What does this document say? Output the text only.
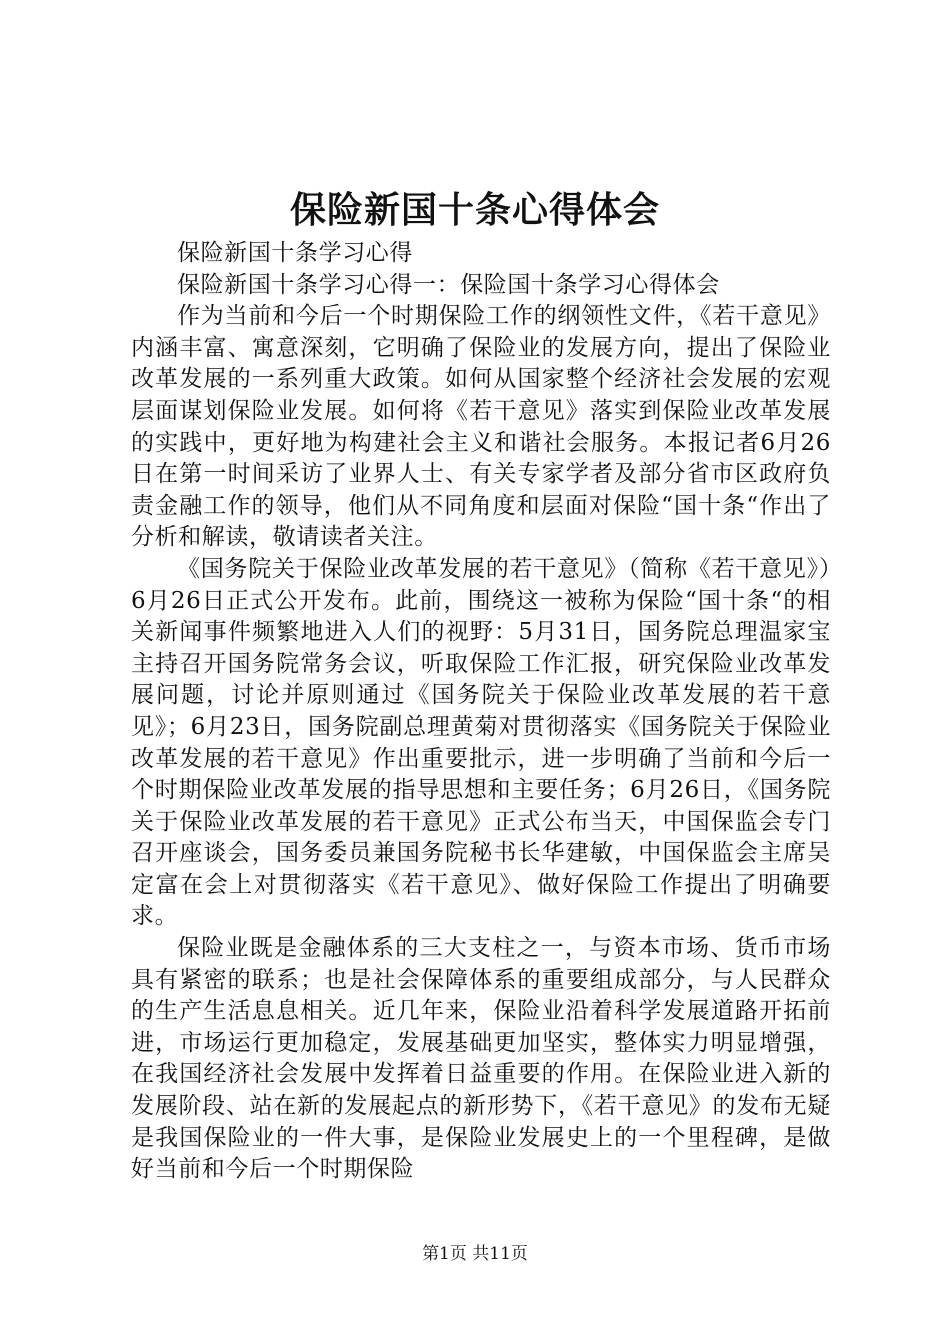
保险新国十条心得体会

保险新国十条学习心得

保险新国十条学习心得一：保险国十条学习心得体会

作为当前和今后一个时期保险工作的纲领性文件，《若干意见》内涵丰富、寓意深刻，它明确了保险业的发展方向，提出了保险业改革发展的一系列重大政策。如何从国家整个经济社会发展的宏观层面谋划保险业发展。如何将《若干意见》落实到保险业改革发展的实践中，更好地为构建社会主义和谐社会服务。本报记者6月26日在第一时间采访了业界人士、有关专家学者及部分省市区政府负责金融工作的领导，他们从不同角度和层面对保险“国十条“作出了分析和解读，敬请读者关注。

《国务院关于保险业改革发展的若干意见》（简称《若干意见》）6月26日正式公开发布。此前，围绕这一被称为保险“国十条“的相关新闻事件频繁地进入人们的视野：5月31日，国务院总理温家宝主持召开国务院常务会议，听取保险工作汇报，研究保险业改革发展问题，讨论并原则通过《国务院关于保险业改革发展的若干意见》；6月23日，国务院副总理黄菊对贯彻落实《国务院关于保险业改革发展的若干意见》作出重要批示，进一步明确了当前和今后一个时期保险业改革发展的指导思想和主要任务；6月26日，《国务院关于保险业改革发展的若干意见》正式公布当天，中国保监会专门召开座谈会，国务委员兼国务院秘书长华建敏，中国保监会主席吴定富在会上对贯彻落实《若干意见》、做好保险工作提出了明确要求。

保险业既是金融体系的三大支柱之一，与资本市场、货币市场具有紧密的联系；也是社会保障体系的重要组成部分，与人民群众的生产生活息息相关。近几年来，保险业沿着科学发展道路开拓前进，市场运行更加稳定，发展基础更加坚实，整体实力明显增强，在我国经济社会发展中发挥着日益重要的作用。在保险业进入新的发展阶段、站在新的发展起点的新形势下，《若干意见》的发布无疑是我国保险业的一件大事，是保险业发展史上的一个里程碑，是做好当前和今后一个时期保险

第1页 共11页
